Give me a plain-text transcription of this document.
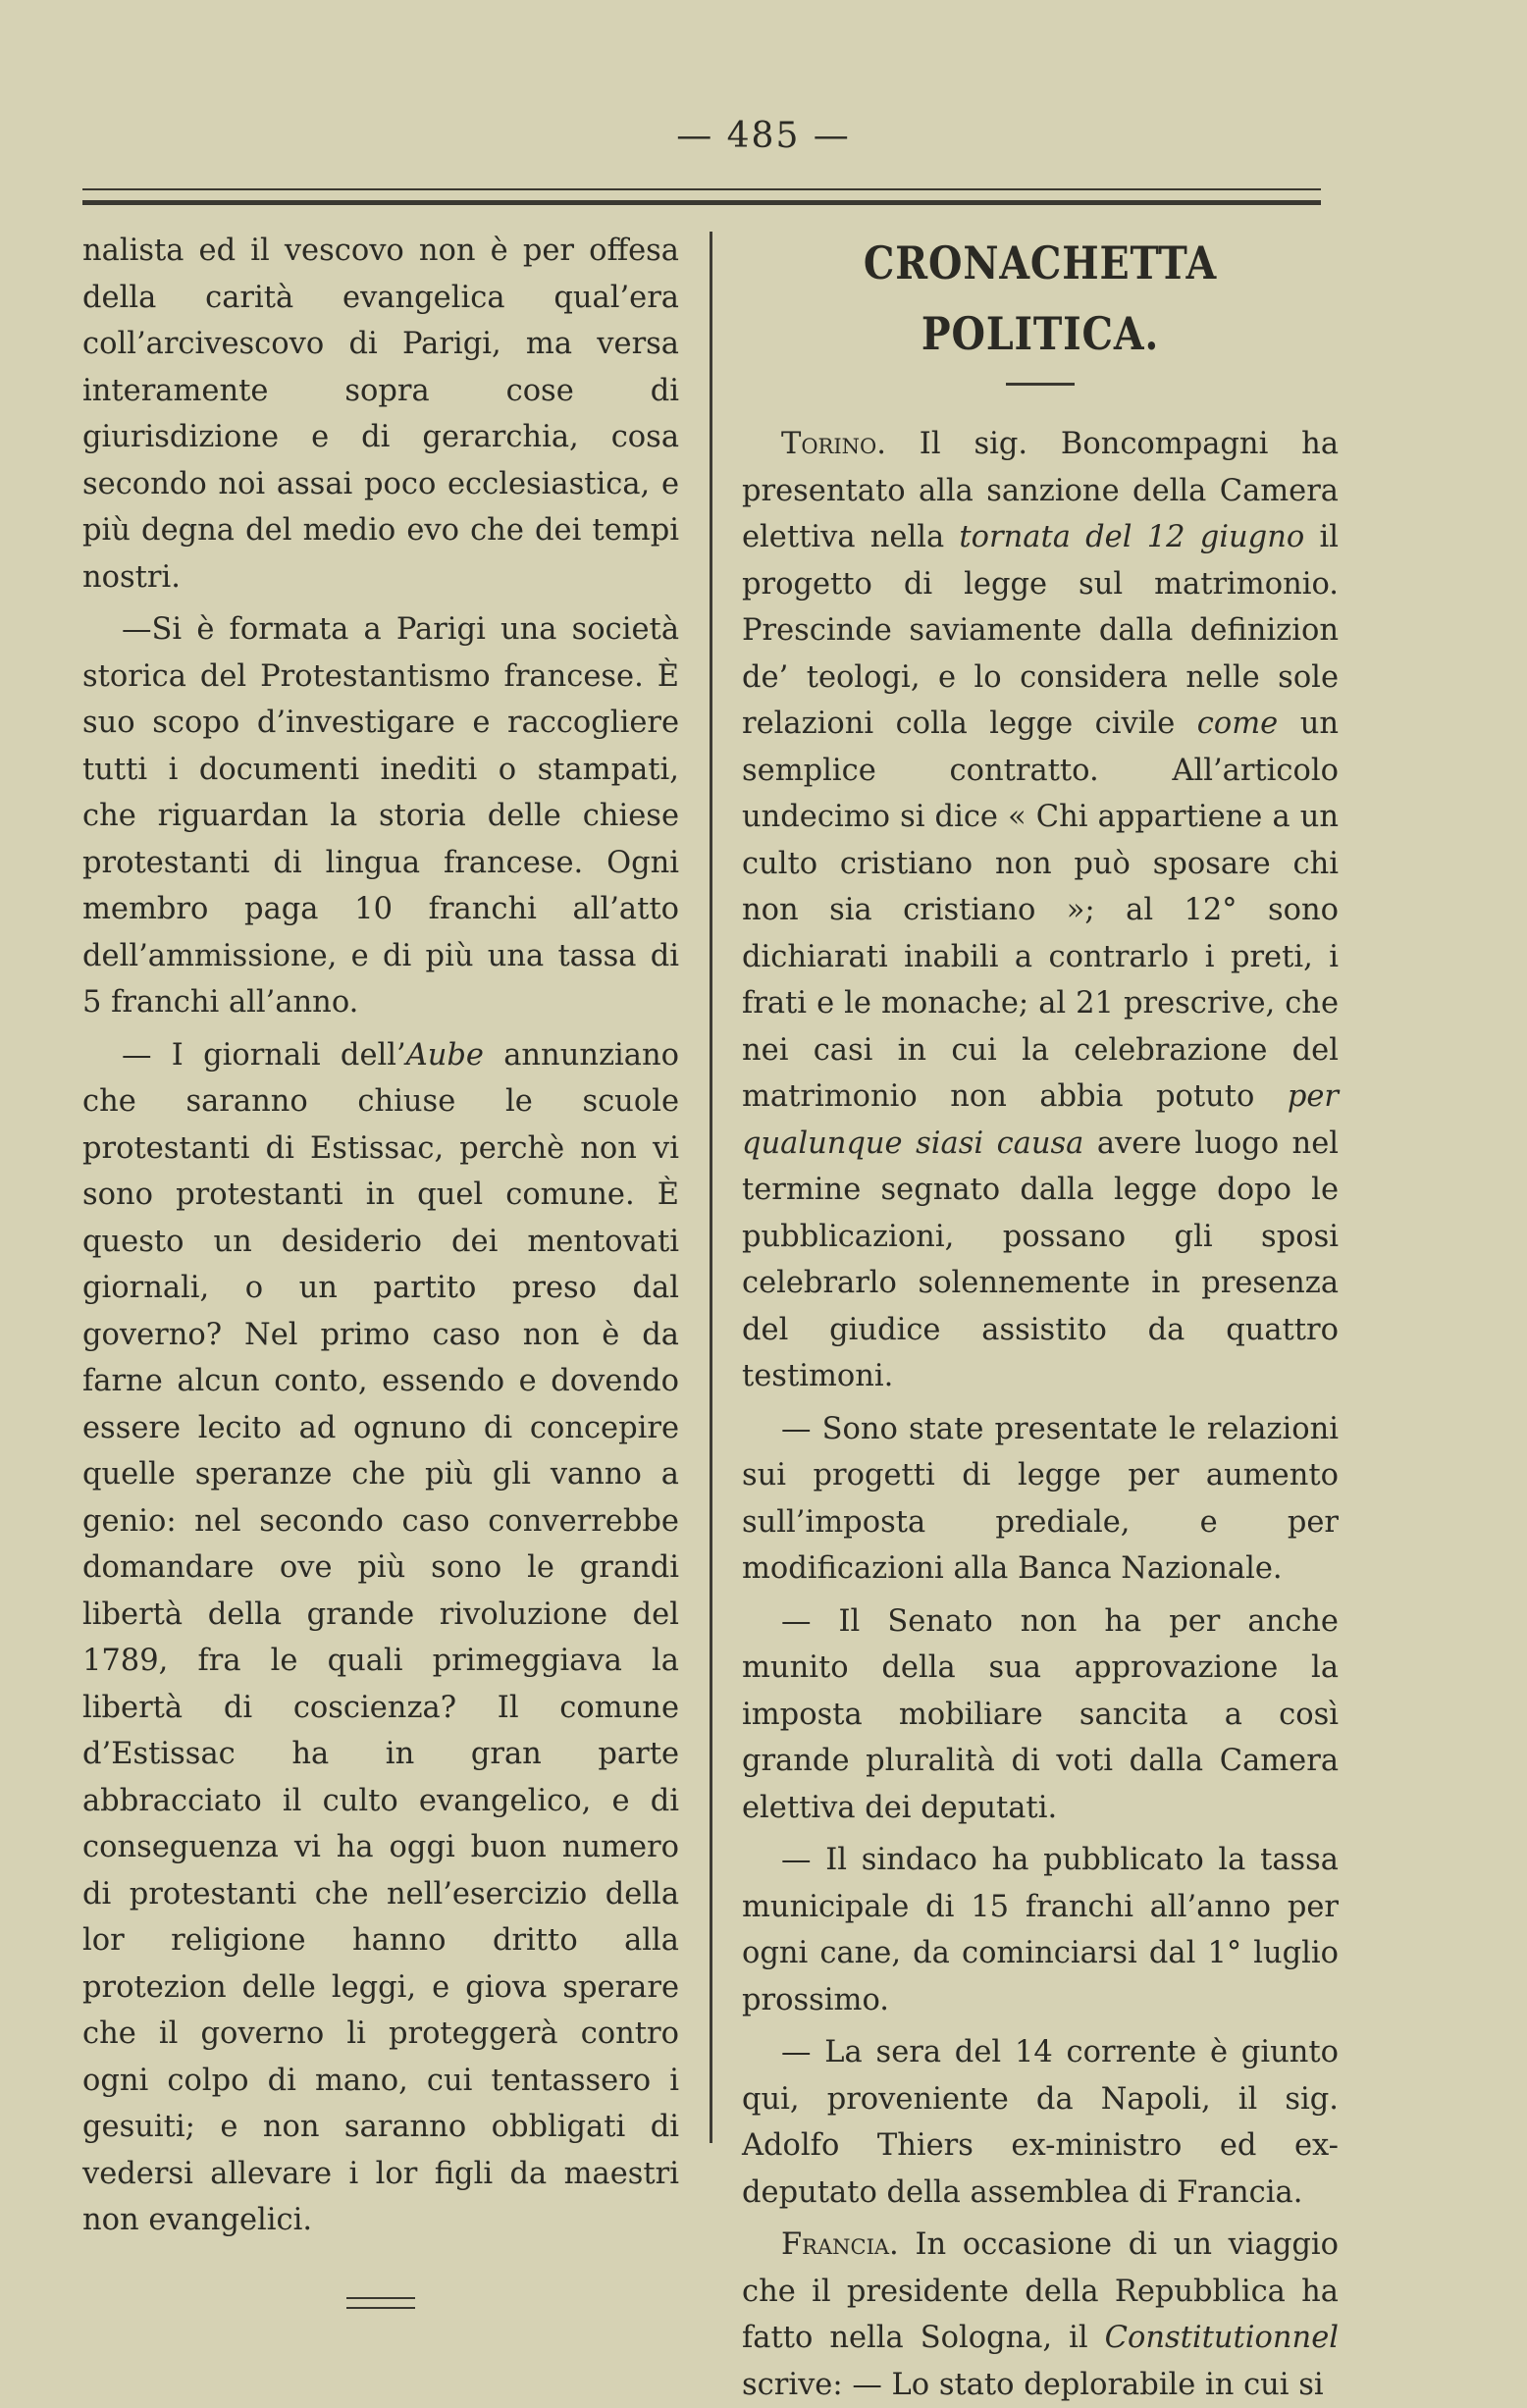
— 485 —

nalista ed il vescovo non è per offesa della carità evangelica qual’era coll’arcivescovo di Parigi, ma versa interamente sopra cose di giurisdizione e di gerarchia, cosa secondo noi assai poco ecclesiastica, e più degna del medio evo che dei tempi nostri.

—Si è formata a Parigi una società storica del Protestantismo francese. È suo scopo d’investigare e raccogliere tutti i documenti inediti o stampati, che riguardan la storia delle chiese protestanti di lingua francese. Ogni membro paga 10 franchi all’atto dell’ammissione, e di più una tassa di 5 franchi all’anno.

— I giornali dell’Aube annunziano che saranno chiuse le scuole protestanti di Estissac, perchè non vi sono protestanti in quel comune. È questo un desiderio dei mentovati giornali, o un partito preso dal governo? Nel primo caso non è da farne alcun conto, essendo e dovendo essere lecito ad ognuno di concepire quelle speranze che più gli vanno a genio: nel secondo caso converrebbe domandare ove più sono le grandi libertà della grande rivoluzione del 1789, fra le quali primeggiava la libertà di coscienza? Il comune d’Estissac ha in gran parte abbracciato il culto evangelico, e di conseguenza vi ha oggi buon numero di protestanti che nell’esercizio della lor religione hanno dritto alla protezion delle leggi, e giova sperare che il governo li proteggerà contro ogni colpo di mano, cui tentassero i gesuiti; e non saranno obbligati di vedersi allevare i lor figli da maestri non evangelici.

CRONACHETTA POLITICA.

Torino. Il sig. Boncompagni ha presentato alla sanzione della Camera elettiva nella tornata del 12 giugno il progetto di legge sul matrimonio. Prescinde saviamente dalla definizion de’ teologi, e lo considera nelle sole relazioni colla legge civile come un semplice contratto. All’articolo undecimo si dice « Chi appartiene a un culto cristiano non può sposare chi non sia cristiano »; al 12° sono dichiarati inabili a contrarlo i preti, i frati e le monache; al 21 prescrive, che nei casi in cui la celebrazione del matrimonio non abbia potuto per qualunque siasi causa avere luogo nel termine segnato dalla legge dopo le pubblicazioni, possano gli sposi celebrarlo solennemente in presenza del giudice assistito da quattro testimoni.

— Sono state presentate le relazioni sui progetti di legge per aumento sull’imposta prediale, e per modificazioni alla Banca Nazionale.

— Il Senato non ha per anche munito della sua approvazione la imposta mobiliare sancita a così grande pluralità di voti dalla Camera elettiva dei deputati.

— Il sindaco ha pubblicato la tassa municipale di 15 franchi all’anno per ogni cane, da cominciarsi dal 1° luglio prossimo.

— La sera del 14 corrente è giunto qui, proveniente da Napoli, il sig. Adolfo Thiers ex-ministro ed ex-deputato della assemblea di Francia.

Francia. In occasione di un viaggio che il presidente della Repubblica ha fatto nella Sologna, il Constitutionnel scrive: — Lo stato deplorabile in cui si
